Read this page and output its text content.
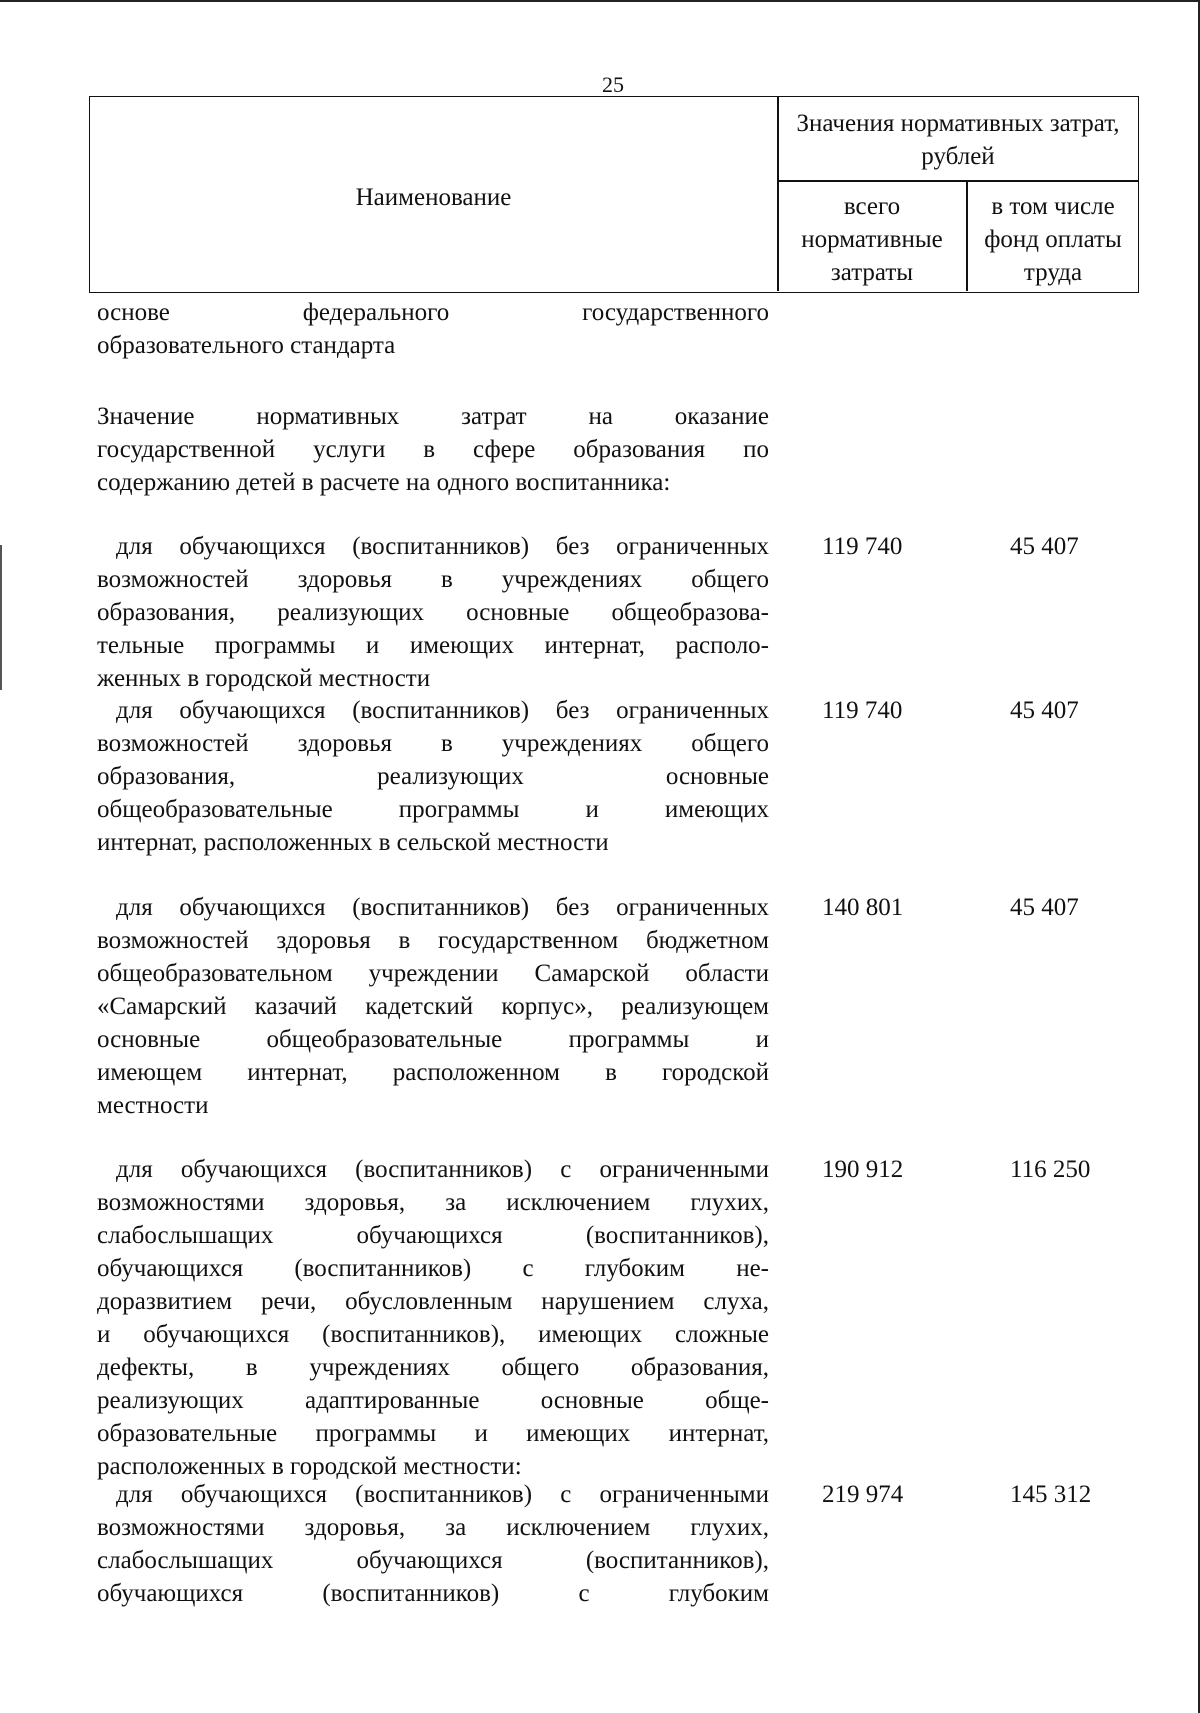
25
Наименование
Значения нормативных затрат, рублей
всего
нормативные
затраты
в том числе
фонд оплаты
труда
основе федерального государственного
образовательного стандарта
Значение нормативных затрат на оказание
государственной услуги в сфере образования по
содержанию детей в расчете на одного воспитанника:
для обучающихся (воспитанников) без ограниченных
возможностей здоровья в учреждениях общего
образования, реализующих основные общеобразова-
тельные программы и имеющих интернат, располо-
женных в городской местности
119 740	45 407
для обучающихся (воспитанников) без ограниченных
возможностей здоровья в учреждениях общего
образования, реализующих основные
общеобразовательные программы и имеющих
интернат, расположенных в сельской местности
119 740	45 407
для обучающихся (воспитанников) без ограниченных
возможностей здоровья в государственном бюджетном
общеобразовательном учреждении Самарской области
«Самарский казачий кадетский корпус», реализующем
основные общеобразовательные программы и
имеющем интернат, расположенном в городской
местности
140 801	45 407
для обучающихся (воспитанников) с ограниченными
возможностями здоровья, за исключением глухих,
слабослышащих обучающихся (воспитанников),
обучающихся (воспитанников) с глубоким не-
доразвитием речи, обусловленным нарушением слуха,
и обучающихся (воспитанников), имеющих сложные
дефекты, в учреждениях общего образования,
реализующих адаптированные основные обще-
образовательные программы и имеющих интернат,
расположенных в городской местности:
190 912	116 250
для обучающихся (воспитанников) с ограниченными
возможностями здоровья, за исключением глухих,
слабослышащих обучающихся (воспитанников),
обучающихся (воспитанников) с глубоким
219 974	145 312
